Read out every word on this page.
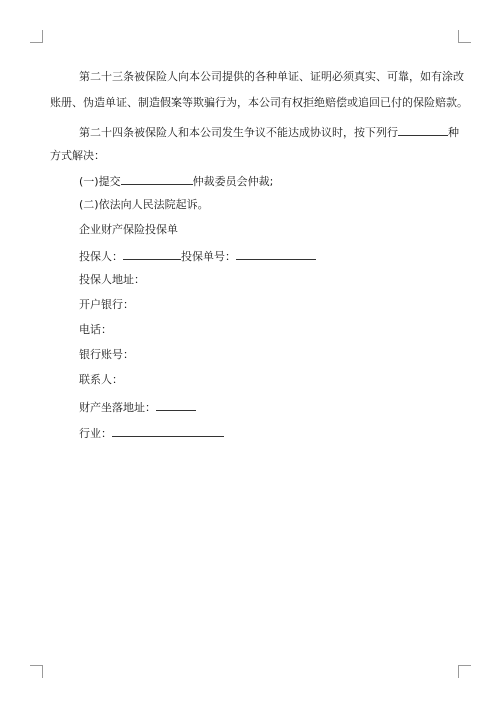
第二十三条被保险人向本公司提供的各种单证、证明必须真实、可靠，如有涂改
账册、伪造单证、制造假案等欺骗行为，本公司有权拒绝赔偿或追回已付的保险赔款。
第二十四条被保险人和本公司发生争议不能达成协议时，按下列行	种
方式解决：
(一)提交	仲裁委员会仲裁;
(二)依法向人民法院起诉。
企业财产保险投保单
投保人：	投保单号：
投保人地址：
开户银行：
电话：
银行账号：
联系人：
财产坐落地址：
行业：
